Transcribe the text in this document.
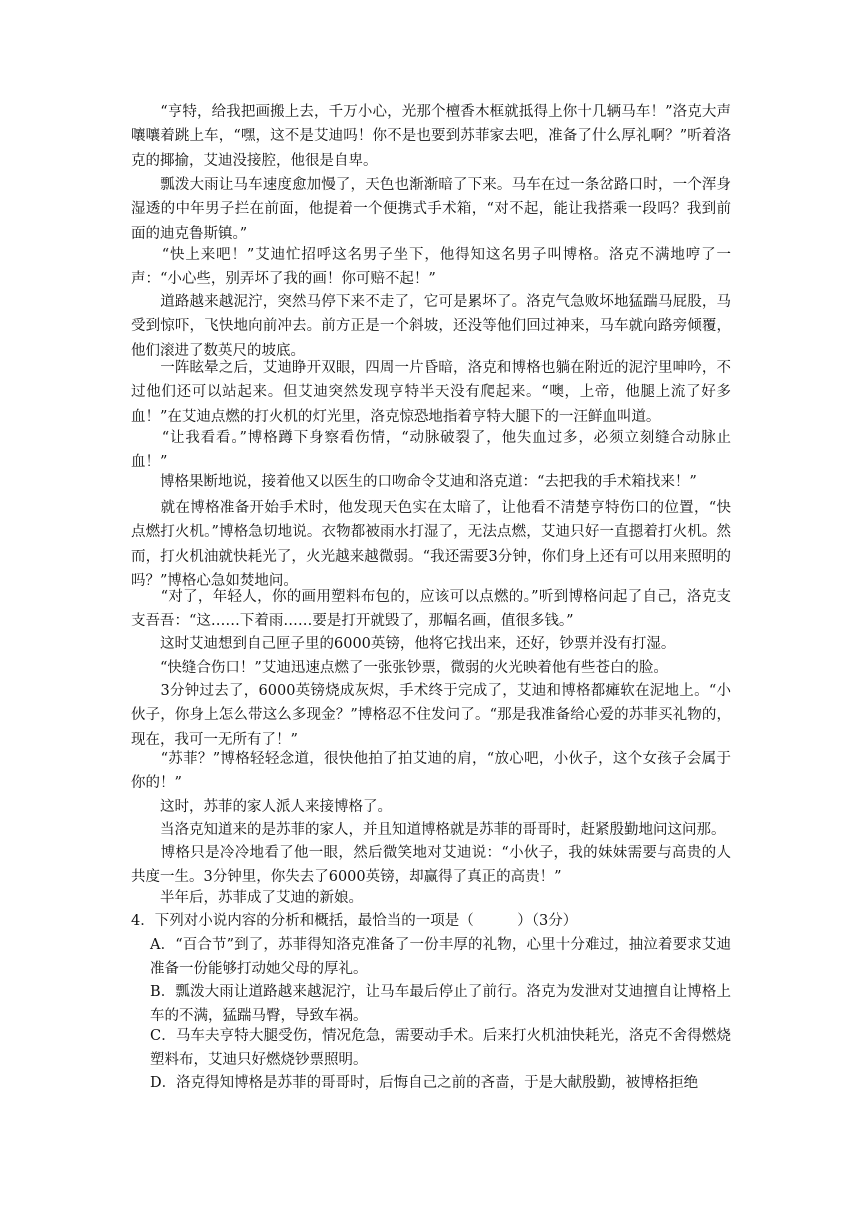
　　“亨特，给我把画搬上去，千万小心，光那个檀香木框就抵得上你十几辆马车！”洛克大声嚷嚷着跳上车，“嘿，这不是艾迪吗！你不是也要到苏菲家去吧，准备了什么厚礼啊？”听着洛克的揶揄，艾迪没接腔，他很是自卑。
　　瓢泼大雨让马车速度愈加慢了，天色也渐渐暗了下来。马车在过一条岔路口时，一个浑身湿透的中年男子拦在前面，他提着一个便携式手术箱，“对不起，能让我搭乘一段吗？我到前面的迪克鲁斯镇。”
　　“快上来吧！”艾迪忙招呼这名男子坐下，他得知这名男子叫博格。洛克不满地哼了一声：“小心些，别弄坏了我的画！你可赔不起！”
　　道路越来越泥泞，突然马停下来不走了，它可是累坏了。洛克气急败坏地猛踹马屁股，马受到惊吓，飞快地向前冲去。前方正是一个斜坡，还没等他们回过神来，马车就向路旁倾覆，他们滚进了数英尺的坡底。
　　一阵眩晕之后，艾迪睁开双眼，四周一片昏暗，洛克和博格也躺在附近的泥泞里呻吟，不过他们还可以站起来。但艾迪突然发现亨特半天没有爬起来。“噢，上帝，他腿上流了好多血！”在艾迪点燃的打火机的灯光里，洛克惊恐地指着亨特大腿下的一汪鲜血叫道。
　　“让我看看。”博格蹲下身察看伤情，“动脉破裂了，他失血过多，必须立刻缝合动脉止血！”
　　博格果断地说，接着他又以医生的口吻命令艾迪和洛克道：“去把我的手术箱找来！”
　　就在博格准备开始手术时，他发现天色实在太暗了，让他看不清楚亨特伤口的位置，“快点燃打火机。”博格急切地说。衣物都被雨水打湿了，无法点燃，艾迪只好一直摁着打火机。然而，打火机油就快耗光了，火光越来越微弱。“我还需要3分钟，你们身上还有可以用来照明的吗？”博格心急如焚地问。
　　“对了，年轻人，你的画用塑料布包的，应该可以点燃的。”听到博格问起了自己，洛克支支吾吾：“这……下着雨……要是打开就毁了，那幅名画，值很多钱。”
　　这时艾迪想到自己匣子里的6000英镑，他将它找出来，还好，钞票并没有打湿。
　　“快缝合伤口！”艾迪迅速点燃了一张张钞票，微弱的火光映着他有些苍白的脸。
　　3分钟过去了，6000英镑烧成灰烬，手术终于完成了，艾迪和博格都瘫软在泥地上。“小伙子，你身上怎么带这么多现金？”博格忍不住发问了。“那是我准备给心爱的苏菲买礼物的，现在，我可一无所有了！”
　　“苏菲？”博格轻轻念道，很快他拍了拍艾迪的肩，“放心吧，小伙子，这个女孩子会属于你的！”
　　这时，苏菲的家人派人来接博格了。
　　当洛克知道来的是苏菲的家人，并且知道博格就是苏菲的哥哥时，赶紧殷勤地问这问那。
　　博格只是冷冷地看了他一眼，然后微笑地对艾迪说：“小伙子，我的妹妹需要与高贵的人共度一生。3分钟里，你失去了6000英镑，却赢得了真正的高贵！”
　　半年后，苏菲成了艾迪的新娘。
4．下列对小说内容的分析和概括，最恰当的一项是（　　　）（3分）
A．“百合节”到了，苏菲得知洛克准备了一份丰厚的礼物，心里十分难过，抽泣着要求艾迪准备一份能够打动她父母的厚礼。
B．瓢泼大雨让道路越来越泥泞，让马车最后停止了前行。洛克为发泄对艾迪擅自让博格上车的不满，猛踹马臀，导致车祸。
C．马车夫亨特大腿受伤，情况危急，需要动手术。后来打火机油快耗光，洛克不舍得燃烧塑料布，艾迪只好燃烧钞票照明。
D．洛克得知博格是苏菲的哥哥时，后悔自己之前的吝啬，于是大献殷勤，被博格拒绝
